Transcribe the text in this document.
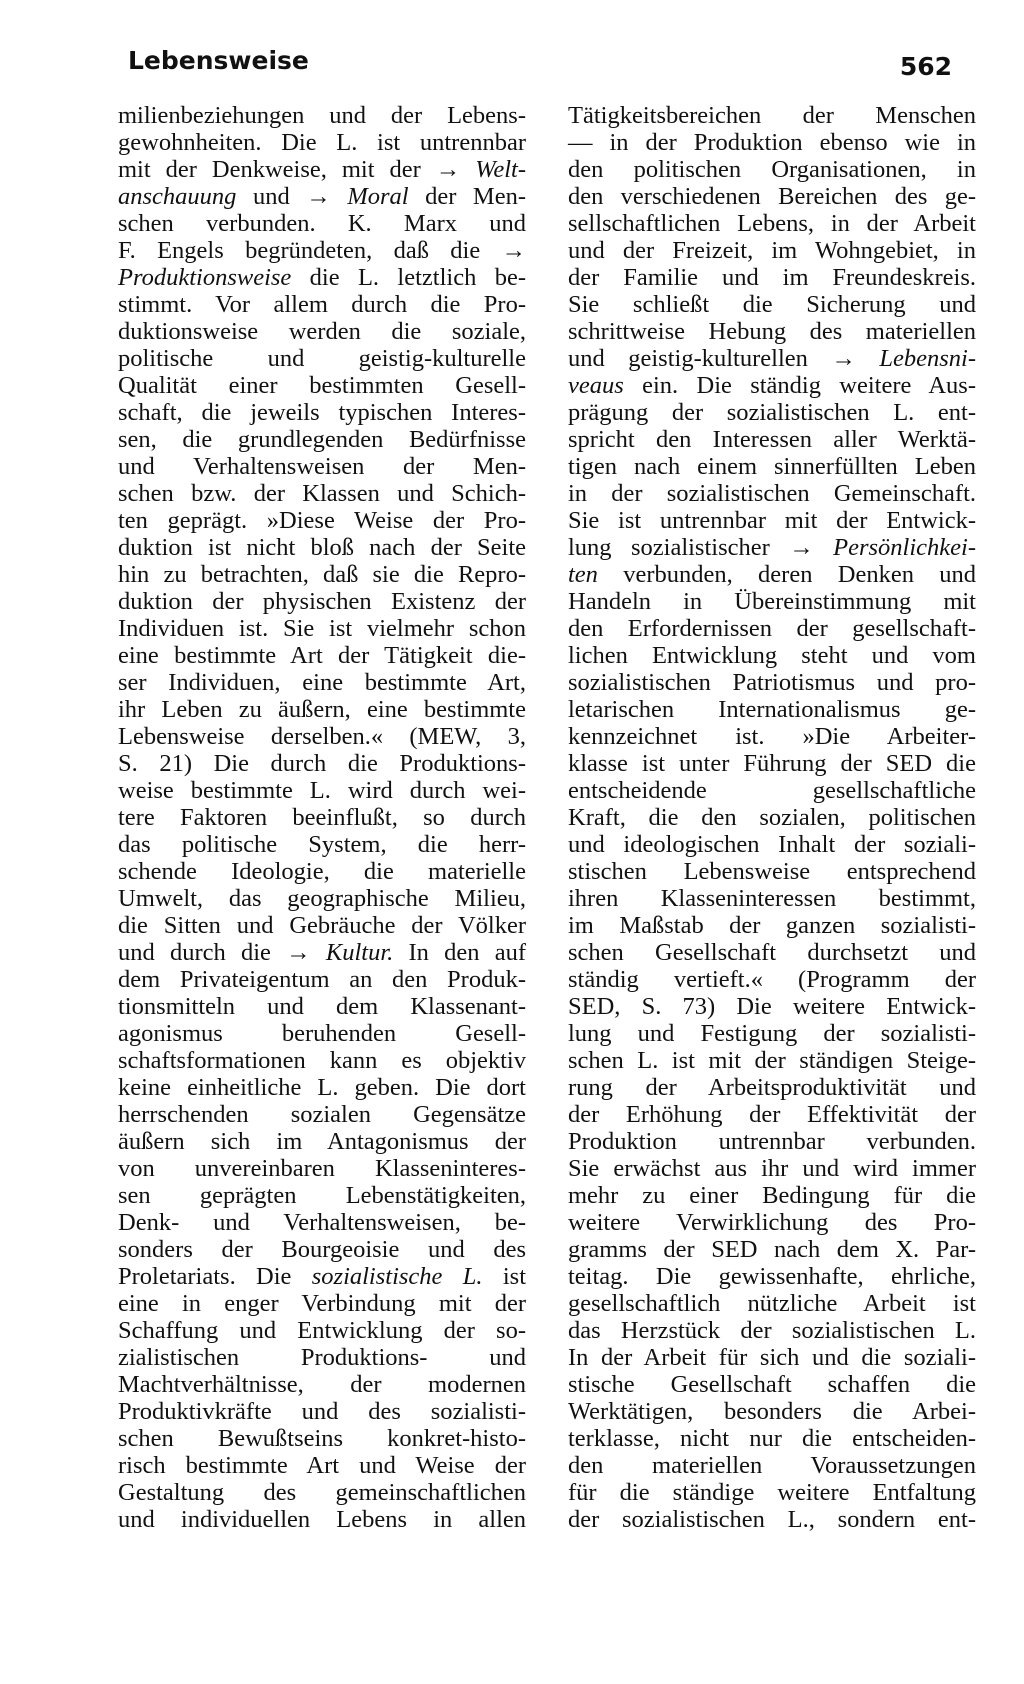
Lebensweise	562
milienbeziehungen und der Lebens-
gewohnheiten. Die L. ist untrennbar
mit der Denkweise, mit der → Welt-
anschauung und → Moral der Men-
schen verbunden. K. Marx und
F. Engels begründeten, daß die →
Produktionsweise die L. letztlich be-
stimmt. Vor allem durch die Pro-
duktionsweise werden die soziale,
politische und geistig-kulturelle
Qualität einer bestimmten Gesell-
schaft, die jeweils typischen Interes-
sen, die grundlegenden Bedürfnisse
und Verhaltensweisen der Men-
schen bzw. der Klassen und Schich-
ten geprägt. »Diese Weise der Pro-
duktion ist nicht bloß nach der Seite
hin zu betrachten, daß sie die Repro-
duktion der physischen Existenz der
Individuen ist. Sie ist vielmehr schon
eine bestimmte Art der Tätigkeit die-
ser Individuen, eine bestimmte Art,
ihr Leben zu äußern, eine bestimmte
Lebensweise derselben.« (MEW, 3,
S. 21) Die durch die Produktions-
weise bestimmte L. wird durch wei-
tere Faktoren beeinflußt, so durch
das politische System, die herr-
schende Ideologie, die materielle
Umwelt, das geographische Milieu,
die Sitten und Gebräuche der Völker
und durch die → Kultur. In den auf
dem Privateigentum an den Produk-
tionsmitteln und dem Klassenant-
agonismus beruhenden Gesell-
schaftsformationen kann es objektiv
keine einheitliche L. geben. Die dort
herrschenden sozialen Gegensätze
äußern sich im Antagonismus der
von unvereinbaren Klasseninteres-
sen geprägten Lebenstätigkeiten,
Denk- und Verhaltensweisen, be-
sonders der Bourgeoisie und des
Proletariats. Die sozialistische L. ist
eine in enger Verbindung mit der
Schaffung und Entwicklung der so-
zialistischen Produktions- und
Machtverhältnisse, der modernen
Produktivkräfte und des sozialisti-
schen Bewußtseins konkret-histo-
risch bestimmte Art und Weise der
Gestaltung des gemeinschaftlichen
und individuellen Lebens in allen
Tätigkeitsbereichen der Menschen
— in der Produktion ebenso wie in
den politischen Organisationen, in
den verschiedenen Bereichen des ge-
sellschaftlichen Lebens, in der Arbeit
und der Freizeit, im Wohngebiet, in
der Familie und im Freundeskreis.
Sie schließt die Sicherung und
schrittweise Hebung des materiellen
und geistig-kulturellen → Lebensni-
veaus ein. Die ständig weitere Aus-
prägung der sozialistischen L. ent-
spricht den Interessen aller Werktä-
tigen nach einem sinnerfüllten Leben
in der sozialistischen Gemeinschaft.
Sie ist untrennbar mit der Entwick-
lung sozialistischer → Persönlichkei-
ten verbunden, deren Denken und
Handeln in Übereinstimmung mit
den Erfordernissen der gesellschaft-
lichen Entwicklung steht und vom
sozialistischen Patriotismus und pro-
letarischen Internationalismus ge-
kennzeichnet ist. »Die Arbeiter-
klasse ist unter Führung der SED die
entscheidende gesellschaftliche
Kraft, die den sozialen, politischen
und ideologischen Inhalt der soziali-
stischen Lebensweise entsprechend
ihren Klasseninteressen bestimmt,
im Maßstab der ganzen sozialisti-
schen Gesellschaft durchsetzt und
ständig vertieft.« (Programm der
SED, S. 73) Die weitere Entwick-
lung und Festigung der sozialisti-
schen L. ist mit der ständigen Steige-
rung der Arbeitsproduktivität und
der Erhöhung der Effektivität der
Produktion untrennbar verbunden.
Sie erwächst aus ihr und wird immer
mehr zu einer Bedingung für die
weitere Verwirklichung des Pro-
gramms der SED nach dem X. Par-
teitag. Die gewissenhafte, ehrliche,
gesellschaftlich nützliche Arbeit ist
das Herzstück der sozialistischen L.
In der Arbeit für sich und die soziali-
stische Gesellschaft schaffen die
Werktätigen, besonders die Arbei-
terklasse, nicht nur die entscheiden-
den materiellen Voraussetzungen
für die ständige weitere Entfaltung
der sozialistischen L., sondern ent-
